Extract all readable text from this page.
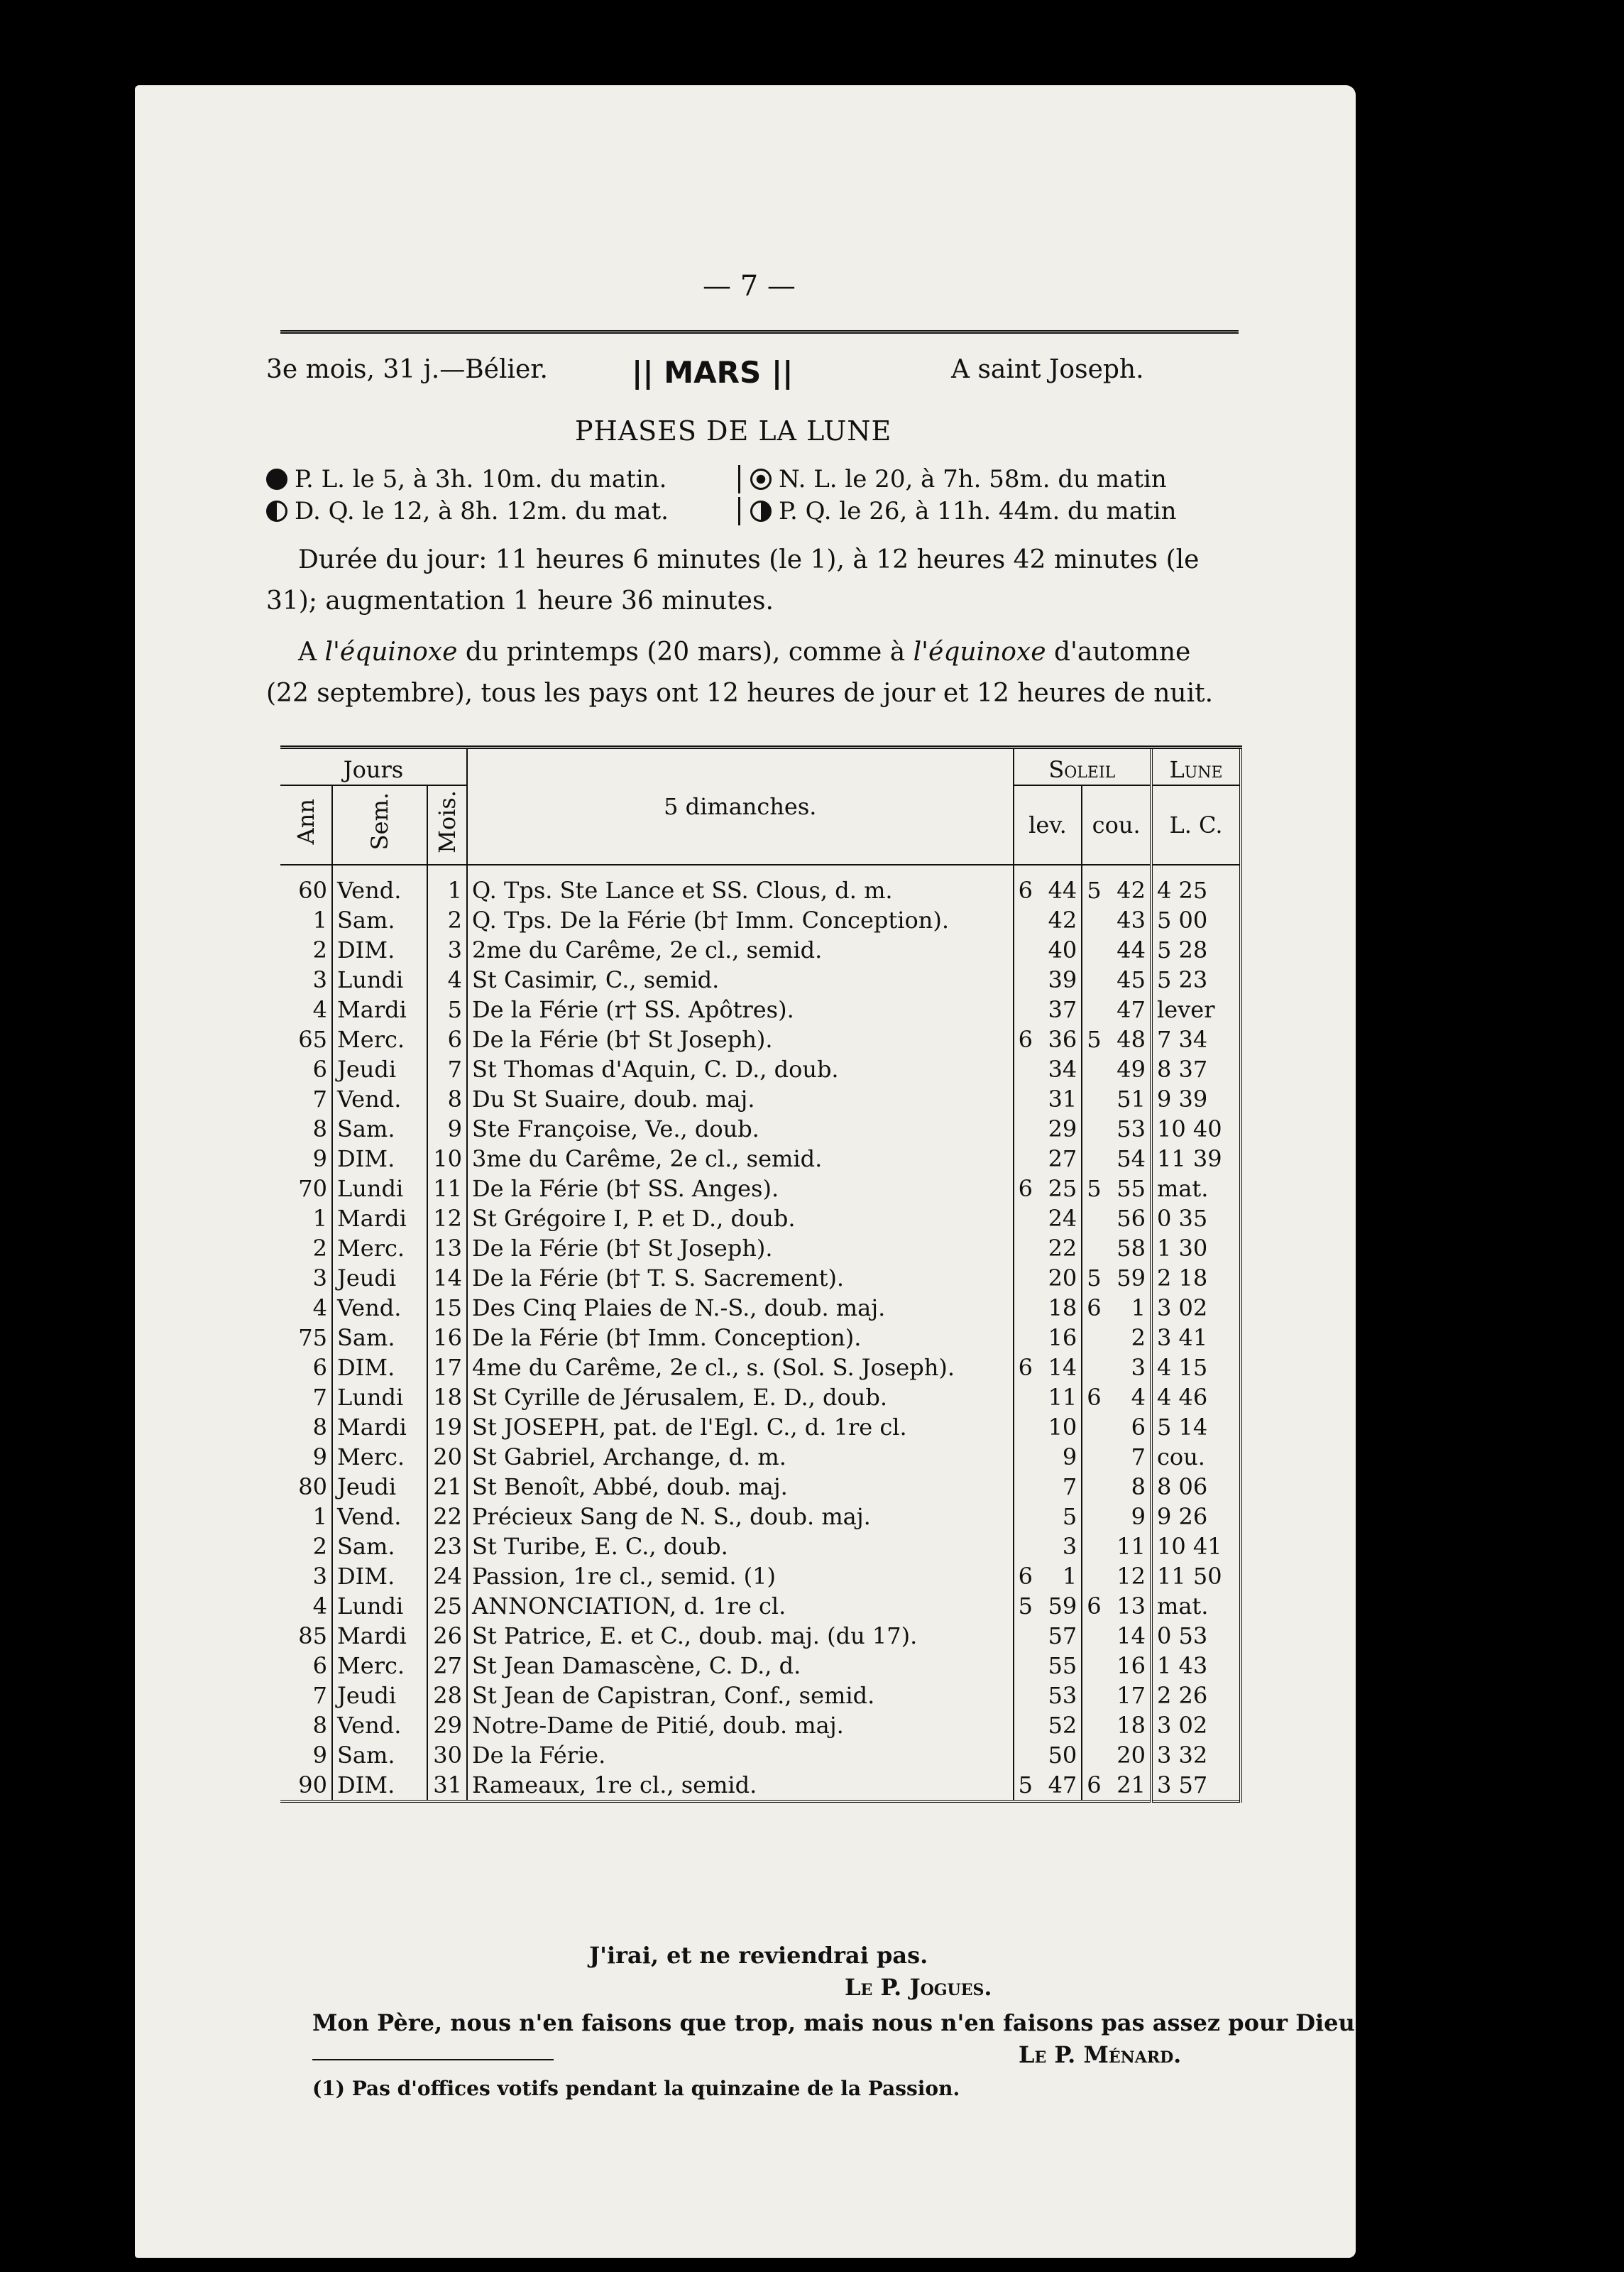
— 7 —
3e mois, 31 j.—Bélier.	|| MARS ||	A saint Joseph.
PHASES DE LA LUNE
P. L. le 5, à 3h. 10m. du matin.
D. Q. le 12, à 8h. 12m. du mat.
N. L. le 20, à 7h. 58m. du matin
P. Q. le 26, à 11h. 44m. du matin
Durée du jour: 11 heures 6 minutes (le 1), à 12 heures 42 minutes (le 31); augmentation 1 heure 36 minutes.
A l'équinoxe du printemps (20 mars), comme à l'équinoxe d'automne (22 septembre), tous les pays ont 12 heures de jour et 12 heures de nuit.
Jours			5 dimanches.	Soleil				Lune
Ann	Sem.	Mois.		lev.		cou.		L. C.
60	Vend.	1	Q. Tps. Ste Lance et SS. Clous, d. m.	6	44	5	42	4 25
1	Sam.	2	Q. Tps. De la Férie (b† Imm. Conception).		42		43	5 00
2	DIM.	3	2me du Carême, 2e cl., semid.		40		44	5 28
3	Lundi	4	St Casimir, C., semid.		39		45	5 23
4	Mardi	5	De la Férie (r† SS. Apôtres).		37		47	lever
65	Merc.	6	De la Férie (b† St Joseph).	6	36	5	48	7 34
6	Jeudi	7	St Thomas d'Aquin, C. D., doub.		34		49	8 37
7	Vend.	8	Du St Suaire, doub. maj.		31		51	9 39
8	Sam.	9	Ste Françoise, Ve., doub.		29		53	10 40
9	DIM.	10	3me du Carême, 2e cl., semid.		27		54	11 39
70	Lundi	11	De la Férie (b† SS. Anges).	6	25	5	55	mat.
1	Mardi	12	St Grégoire I, P. et D., doub.		24		56	0 35
2	Merc.	13	De la Férie (b† St Joseph).		22		58	1 30
3	Jeudi	14	De la Férie (b† T. S. Sacrement).		20	5	59	2 18
4	Vend.	15	Des Cinq Plaies de N.-S., doub. maj.		18	6	1	3 02
75	Sam.	16	De la Férie (b† Imm. Conception).		16		2	3 41
6	DIM.	17	4me du Carême, 2e cl., s. (Sol. S. Joseph).	6	14		3	4 15
7	Lundi	18	St Cyrille de Jérusalem, E. D., doub.		11	6	4	4 46
8	Mardi	19	St JOSEPH, pat. de l'Egl. C., d. 1re cl.		10		6	5 14
9	Merc.	20	St Gabriel, Archange, d. m.		9		7	cou.
80	Jeudi	21	St Benoît, Abbé, doub. maj.		7		8	8 06
1	Vend.	22	Précieux Sang de N. S., doub. maj.		5		9	9 26
2	Sam.	23	St Turibe, E. C., doub.		3		11	10 41
3	DIM.	24	Passion, 1re cl., semid. (1)	6	1		12	11 50
4	Lundi	25	ANNONCIATION, d. 1re cl.	5	59	6	13	mat.
85	Mardi	26	St Patrice, E. et C., doub. maj. (du 17).		57		14	0 53
6	Merc.	27	St Jean Damascène, C. D., d.		55		16	1 43
7	Jeudi	28	St Jean de Capistran, Conf., semid.		53		17	2 26
8	Vend.	29	Notre-Dame de Pitié, doub. maj.		52		18	3 02
9	Sam.	30	De la Férie.		50		20	3 32
90	DIM.	31	Rameaux, 1re cl., semid.	5	47	6	21	3 57
J'irai, et ne reviendrai pas.
Le P. Jogues.
Mon Père, nous n'en faisons que trop, mais nous n'en faisons pas assez pour Dieu
Le P. Ménard.
(1) Pas d'offices votifs pendant la quinzaine de la Passion.
